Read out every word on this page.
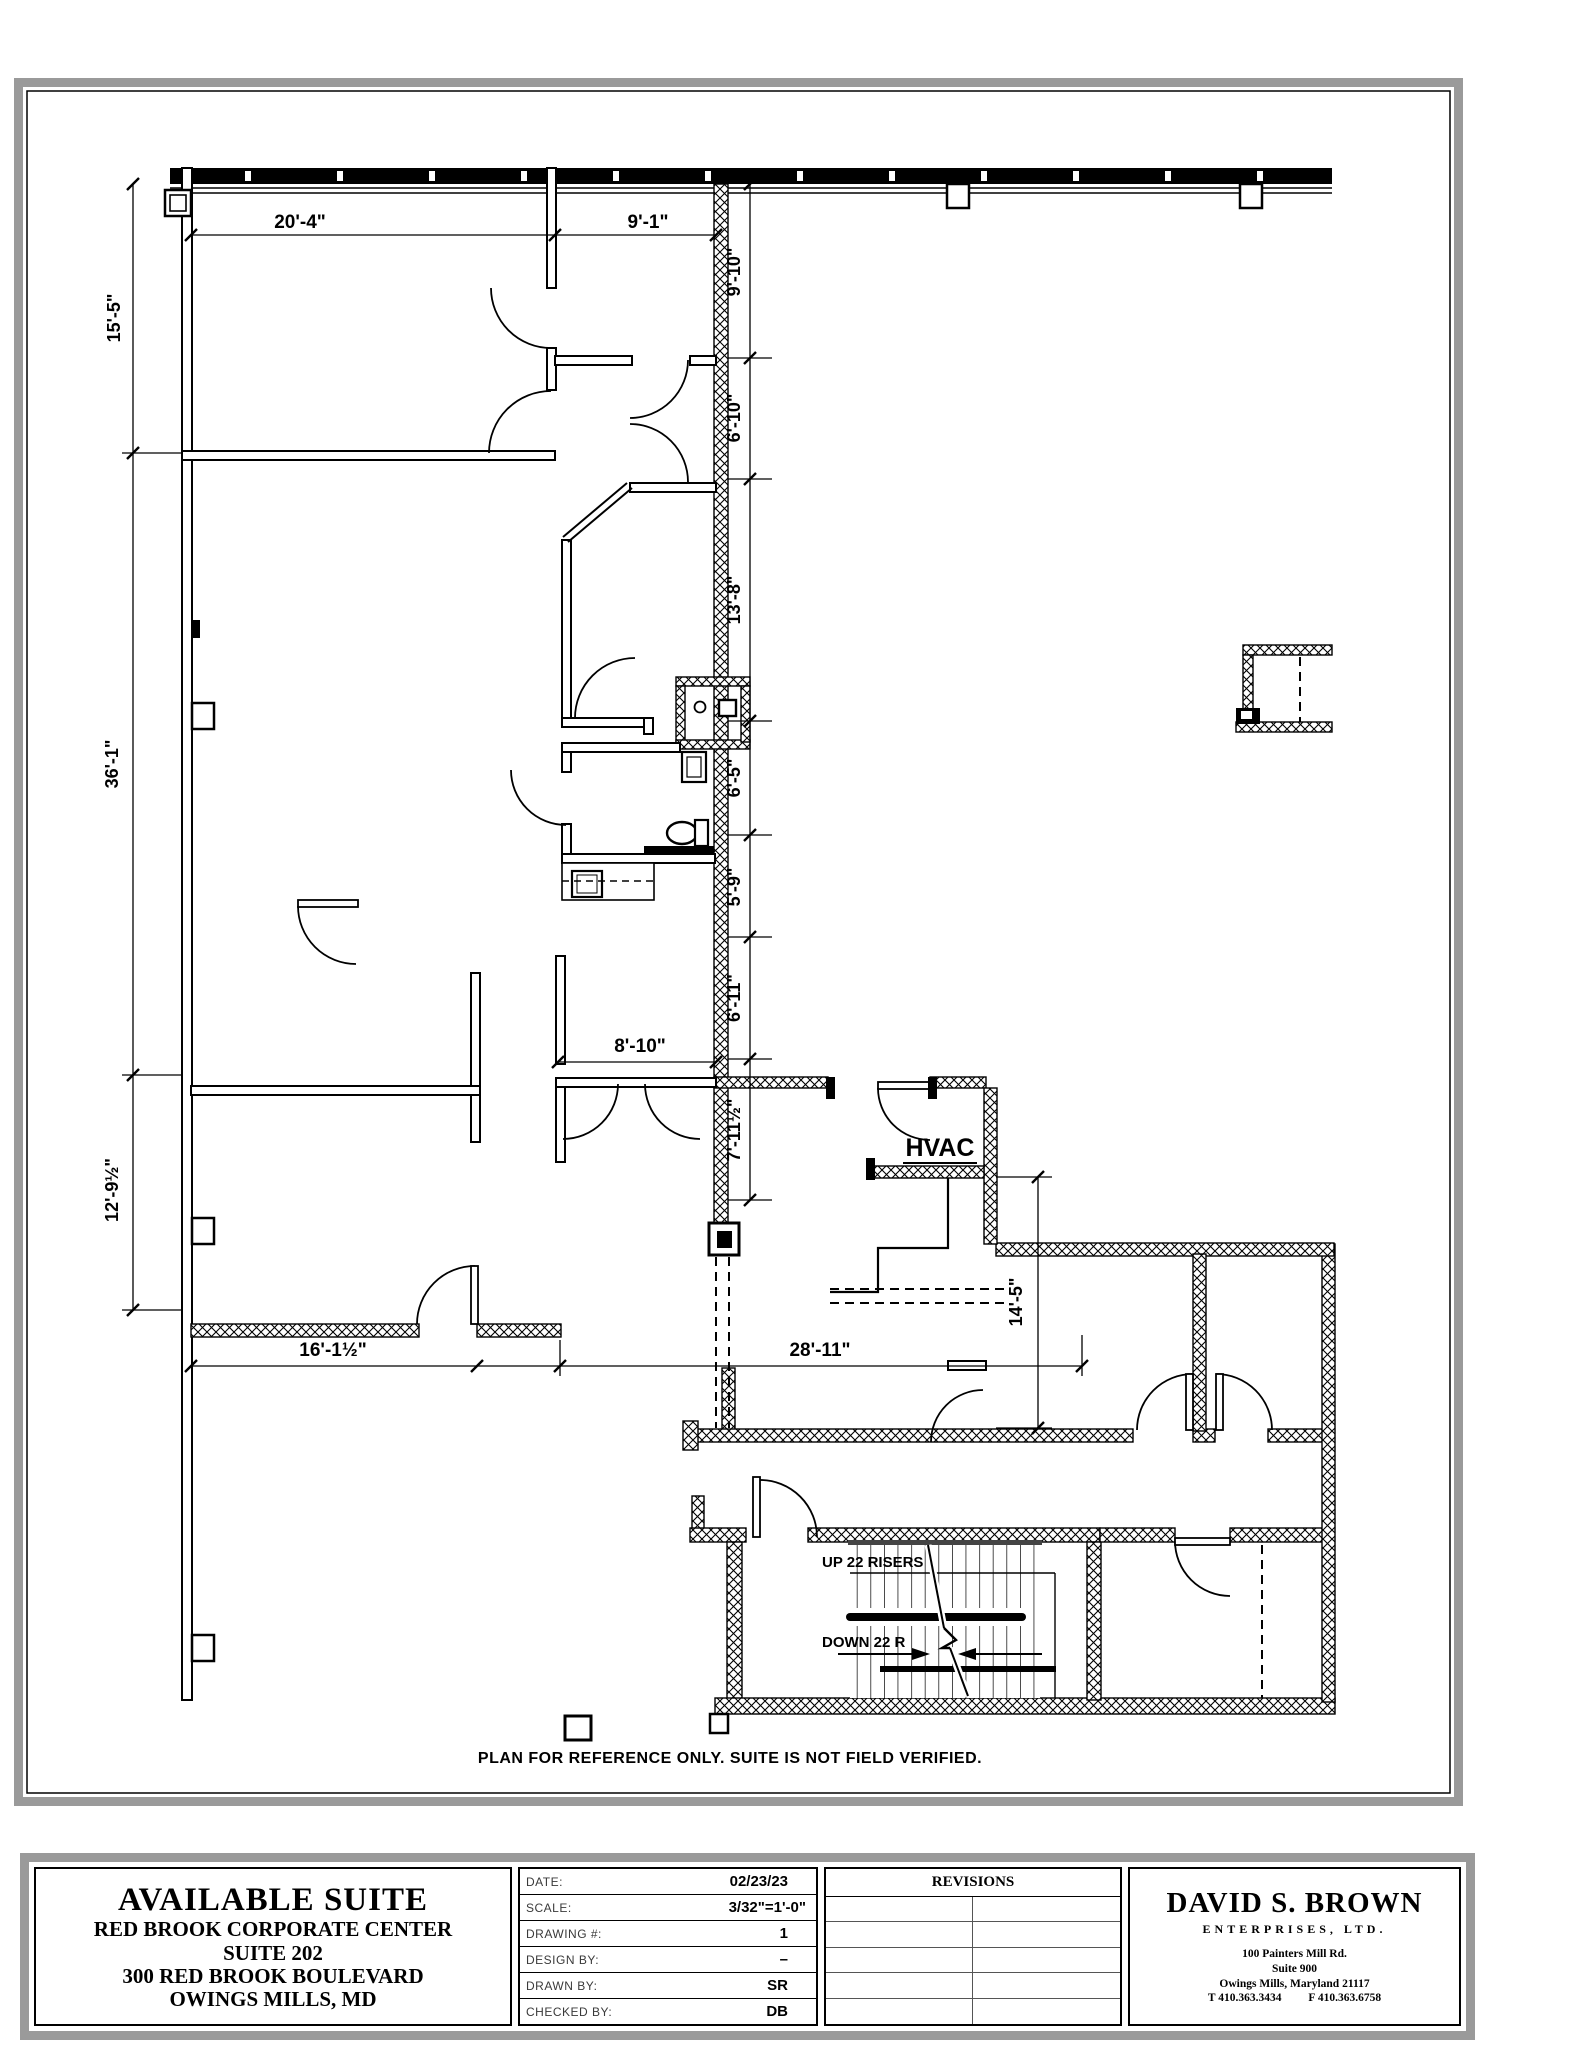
UP 22 RISERS
DOWN 22 R
20'-4"	9'-1"
15'-5"
36'-1"
12'-9½"
9'-10"
6'-10"
13'-8"
6'-5"
5'-9"
6'-11"
7'-11½"
8'-10"
16'-1½"	28'-11"
14'-5"
HVAC
PLAN FOR REFERENCE ONLY. SUITE IS NOT FIELD VERIFIED.
AVAILABLE SUITE
RED BROOK CORPORATE CENTER
SUITE 202
300 RED BROOK BOULEVARD
OWINGS MILLS, MD
DATE:	02/23/23
SCALE:	3/32"=1'-0"
DRAWING #:	1
DESIGN BY:	–
DRAWN BY:	SR
CHECKED BY:	DB
REVISIONS
DAVID S. BROWN
ENTERPRISES, LTD.
100 Painters Mill Rd.
Suite 900
Owings Mills, Maryland 21117
T 410.363.3434 F 410.363.6758
